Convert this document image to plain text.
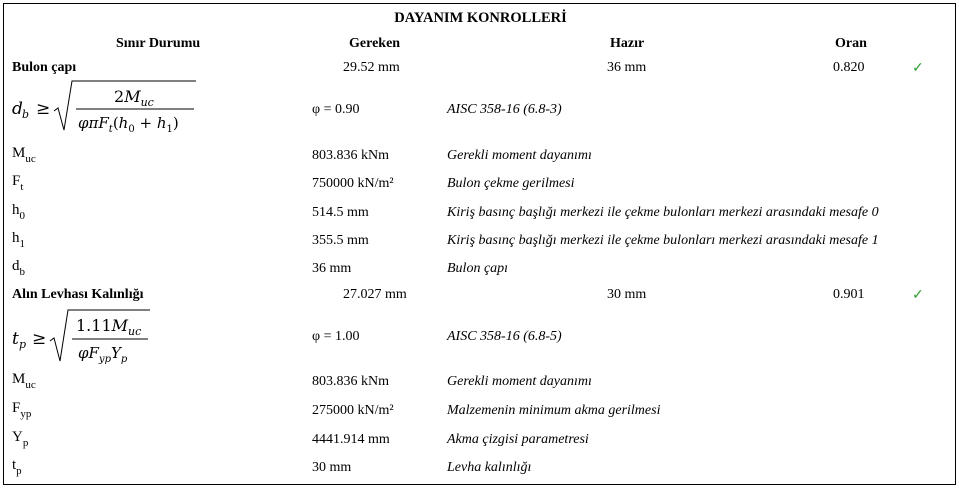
DAYANIM KONROLLERİ
Sınır Durumu	Gereken	Hazır	Oran
Bulon çapı	29.52 mm	36 mm	0.820	✓
d b ≥
$2M_{uc}$
$\varphi\pi F_t(h_0 + h_1)$
φ = 0.90	AISC 358-16 (6.8-3)
$M_{uc}$	803.836 kNm	Gerekli moment dayanımı
$F_t$	750000 kN/m²	Bulon çekme gerilmesi
$h_0$	514.5 mm	Kiriş basınç başlığı merkezi ile çekme bulonları merkezi arasındaki mesafe 0
$h_1$	355.5 mm	Kiriş basınç başlığı merkezi ile çekme bulonları merkezi arasındaki mesafe 1
$d_b$	36 mm	Bulon çapı
Alın Levhası Kalınlığı	27.027 mm	30 mm	0.901	✓
t p ≥
$1.11M_{uc}$
$\varphi F_{yp}Y_p$
φ = 1.00	AISC 358-16 (6.8-5)
$M_{uc}$	803.836 kNm	Gerekli moment dayanımı
$F_{yp}$	275000 kN/m²	Malzemenin minimum akma gerilmesi
$Y_p$	4441.914 mm	Akma çizgisi parametresi
$t_p$	30 mm	Levha kalınlığı
